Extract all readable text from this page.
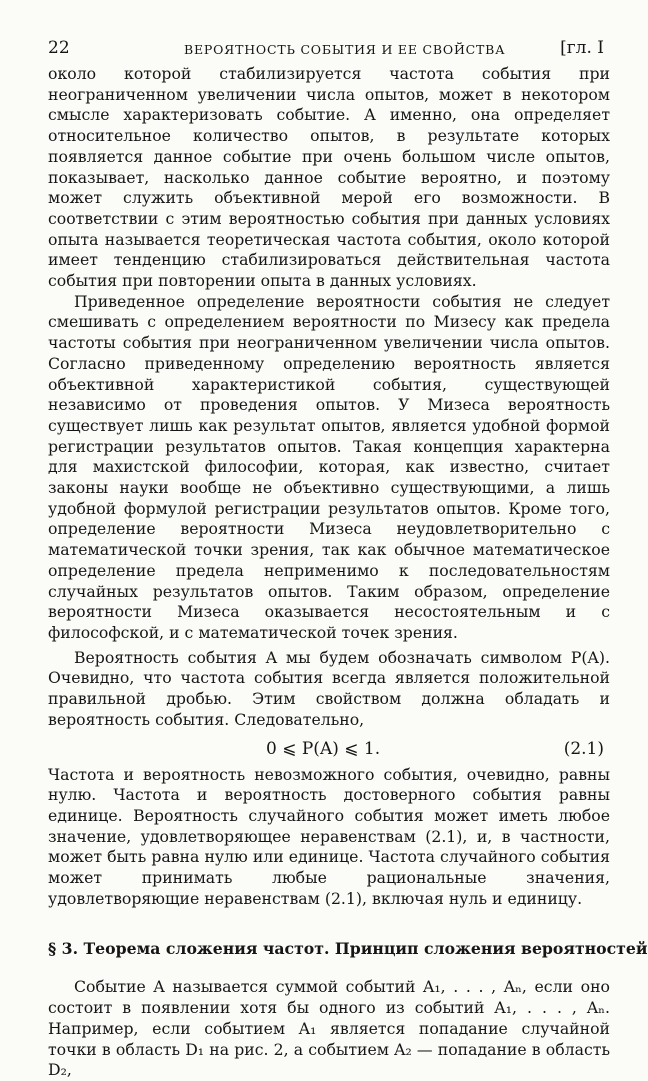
22	ВЕРОЯТНОСТЬ СОБЫТИЯ И ЕЕ СВОЙСТВА	[гл. I

около которой стабилизируется частота события при неограниченном увеличении числа опытов, может в некотором смысле характеризовать событие. А именно, она определяет относительное количество опытов, в результате которых появляется данное событие при очень большом числе опытов, показывает, насколько данное событие вероятно, и поэтому может служить объективной мерой его возможности. В соответствии с этим вероятностью события при данных условиях опыта называется теоретическая частота события, около которой имеет тенденцию стабилизироваться действительная частота события при повторении опыта в данных условиях.

Приведенное определение вероятности события не следует смешивать с определением вероятности по Мизесу как предела частоты события при неограниченном увеличении числа опытов. Согласно приведенному определению вероятность является объективной характеристикой события, существующей независимо от проведения опытов. У Мизеса вероятность существует лишь как результат опытов, является удобной формой регистрации результатов опытов. Такая концепция характерна для махистской философии, которая, как известно, считает законы науки вообще не объективно существующими, а лишь удобной формулой регистрации результатов опытов. Кроме того, определение вероятности Мизеса неудовлетворительно с математической точки зрения, так как обычное математическое определение предела неприменимо к последовательностям случайных результатов опытов. Таким образом, определение вероятности Мизеса оказывается несостоятельным и с философской, и с математической точек зрения.

Вероятность события A мы будем обозначать символом P(A). Очевидно, что частота события всегда является положительной правильной дробью. Этим свойством должна обладать и вероятность события. Следовательно,

0 ⩽ P(A) ⩽ 1.	(2.1)

Частота и вероятность невозможного события, очевидно, равны нулю. Частота и вероятность достоверного события равны единице. Вероятность случайного события может иметь любое значение, удовлетворяющее неравенствам (2.1), и, в частности, может быть равна нулю или единице. Частота случайного события может принимать любые рациональные значения, удовлетворяющие неравенствам (2.1), включая нуль и единицу.

§ 3. Теорема сложения частот. Принцип сложения вероятностей

Событие A называется суммой событий A₁, . . . , Aₙ, если оно состоит в появлении хотя бы одного из событий A₁, . . . , Aₙ. Например, если событием A₁ является попадание случайной точки в область D₁ на рис. 2, а событием A₂ — попадание в область D₂,
